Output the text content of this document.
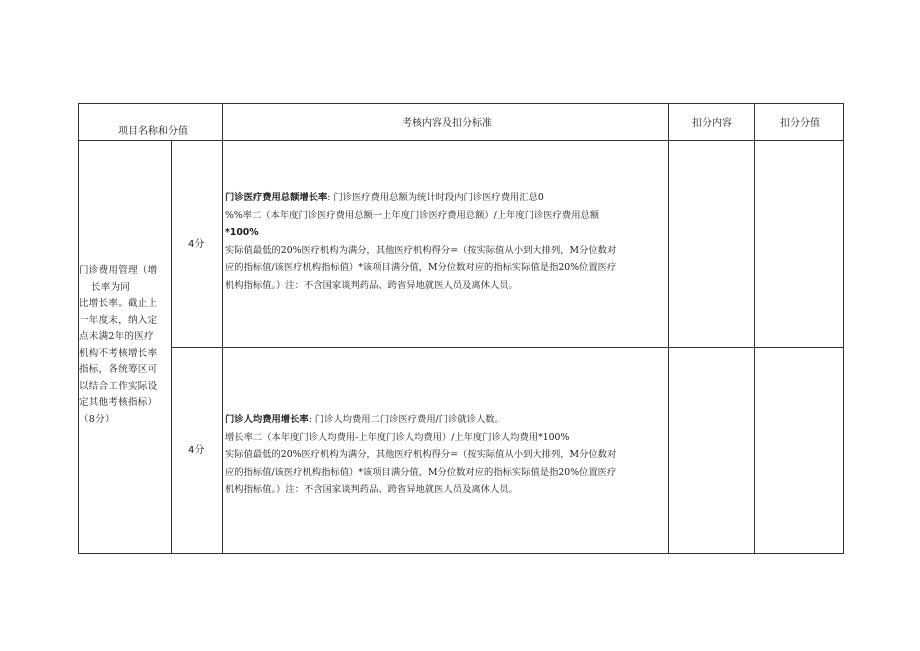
项目名称和分值
考核内容及扣分标准	扣分内容	扣分分值
门诊费用管理（增
长率为同
比增长率。截止上
一年度末，纳入定
点未满2年的医疗
机构不考核增长率
指标，各统筹区可
以结合工作实际设
定其他考核指标）
（8分）
4分
4分
门诊医疗费用总额增长率: 门诊医疗费用总额为统计时段内门诊医疗费用汇总0
%%率二（本年度门诊医疗费用总额一上年度门诊医疗费用总额）/上年度门诊医疗费用总额
*100%
实际值最低的20%医疗机构为满分，其他医疗机构得分=（按实际值从小到大排列，M分位数对
应的指标值/该医疗机构指标值）*该项目满分值，M分位数对应的指标实际值是指20%位置医疗
机构指标值。）注：不含国家谈判药品、跨省异地就医人员及离休人员。
门诊人均费用增长率: 门诊人均费用二门诊医疗费用/门诊就诊人数。
增长率二（本年度门诊人均费用-上年度门诊人均费用）/上年度门诊人均费用*100%
实际值最低的20%医疗机构为满分，其他医疗机构得分=（按实际值从小到大排列，M分位数对
应的指标值/该医疗机构指标值）*该项目满分值，M分位数对应的指标实际值是指20%位置医疗
机构指标值。）注：不含国家谈判药品、跨省异地就医人员及离休人员。
